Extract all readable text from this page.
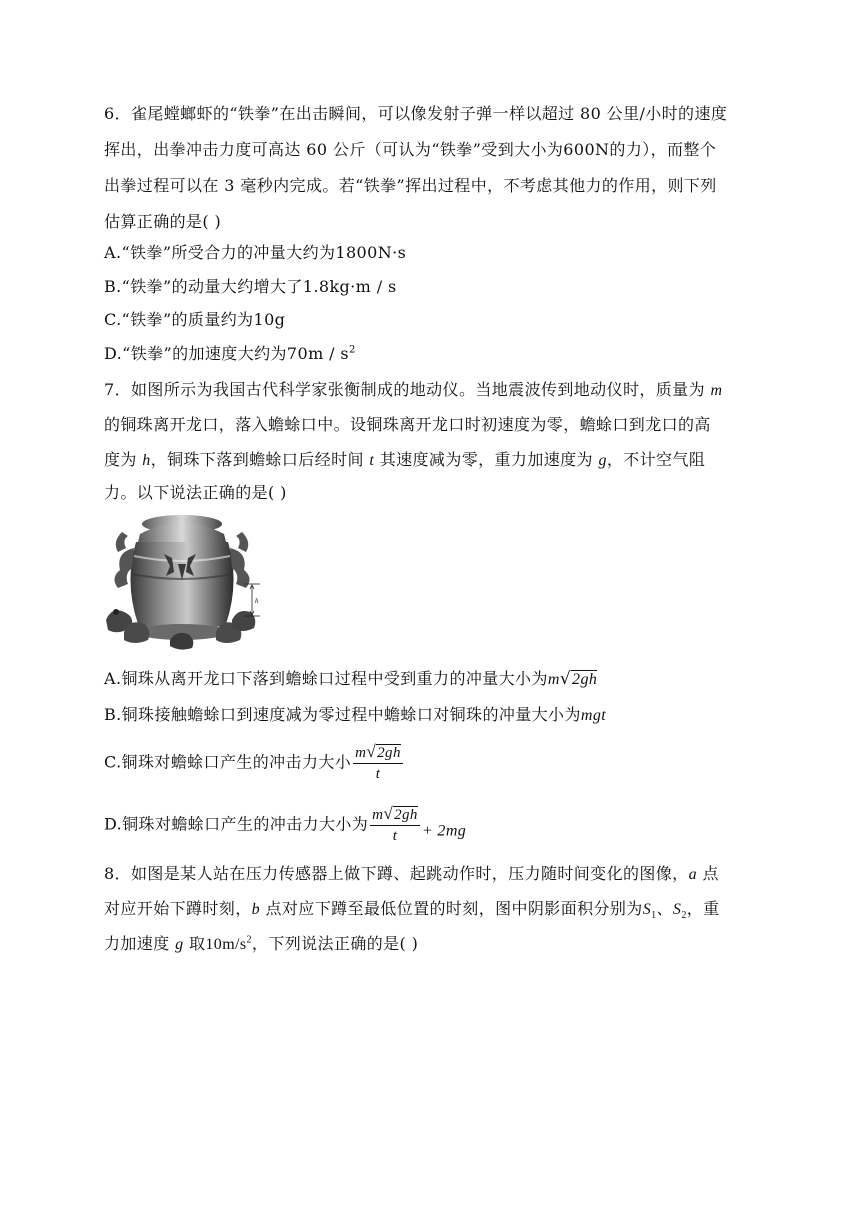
6．雀尾螳螂虾的“铁拳”在出击瞬间，可以像发射子弹一样以超过 80 公里/小时的速度
挥出，出拳冲击力度可高达 60 公斤（可认为“铁拳”受到大小为600N的力），而整个
出拳过程可以在 3 毫秒内完成。若“铁拳”挥出过程中，不考虑其他力的作用，则下列
估算正确的是( )
A.“铁拳”所受合力的冲量大约为1800N·s
B.“铁拳”的动量大约增大了1.8kg·m / s
C.“铁拳”的质量约为10g
D.“铁拳”的加速度大约为$70m / s^2$
7．如图所示为我国古代科学家张衡制成的地动仪。当地震波传到地动仪时，质量为 m
的铜珠离开龙口，落入蟾蜍口中。设铜珠离开龙口时初速度为零，蟾蜍口到龙口的高
度为 h，铜珠下落到蟾蜍口后经时间 t 其速度减为零，重力加速度为 g，不计空气阻
力。以下说法正确的是( )
h
A.铜珠从离开龙口下落到蟾蜍口过程中受到重力的冲量大小为m√2gh
B.铜珠接触蟾蜍口到速度减为零过程中蟾蜍口对铜珠的冲量大小为mgt
C.铜珠对蟾蜍口产生的冲击力大小 $\frac{m√2gh}{t}$
D.铜珠对蟾蜍口产生的冲击力大小为 $\frac{m√2gh}{t} + 2mg$
8．如图是某人站在压力传感器上做下蹲、起跳动作时，压力随时间变化的图像，a 点
对应开始下蹲时刻，b 点对应下蹲至最低位置的时刻，图中阴影面积分别为$S_1$、$S_2$，重
力加速度 g 取$10m/s^2$，下列说法正确的是( )
